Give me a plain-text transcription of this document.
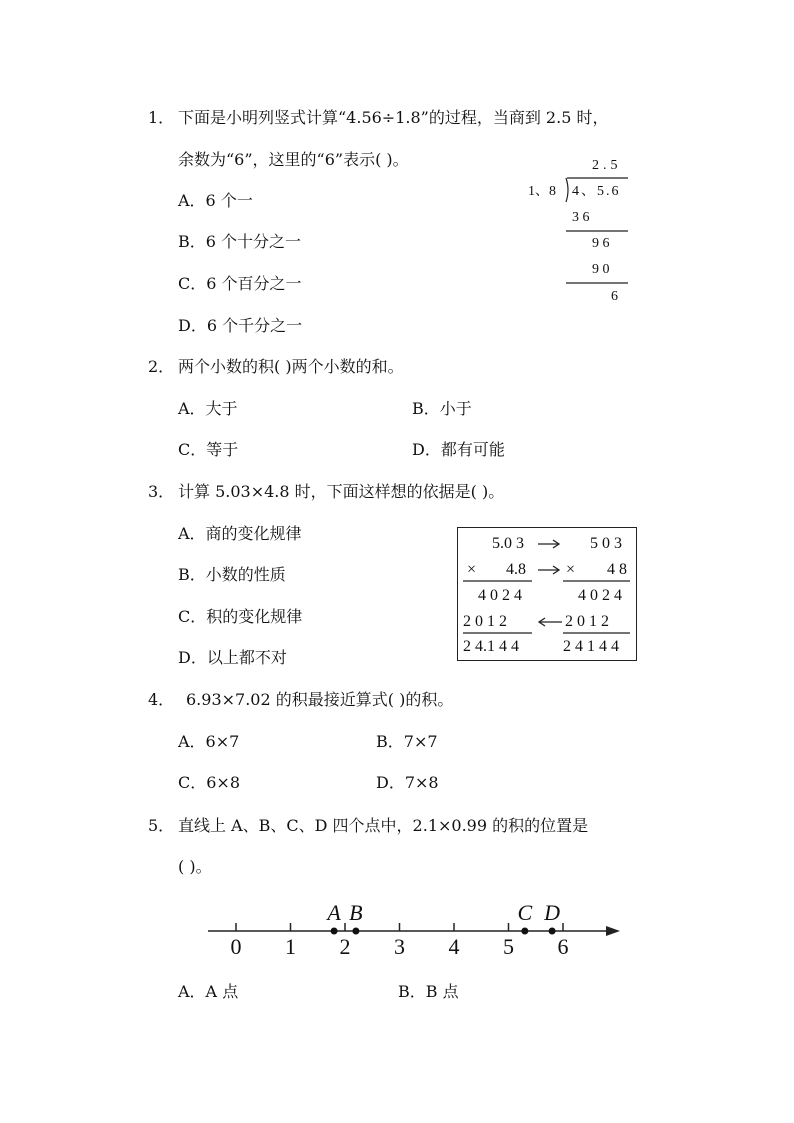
1． 下面是小明列竖式计算“4.56÷1.8”的过程，当商到 2.5 时，
余数为“6”，这里的“6”表示( )。
A．6 个一
B．6 个十分之一
C．6 个百分之一
D．6 个千分之一
2.5
1、8 4、5.6
3 6
9 6
9 0
6
2． 两个小数的积( )两个小数的和。
A．大于	B．小于
C．等于	D．都有可能
3． 计算 5.03×4.8 时，下面这样想的依据是( )。
A．商的变化规律
B．小数的性质
C．积的变化规律
D．以上都不对
5.0 3	5 0 3
× 4.8	× 4 8
4 0 2 4	4 0 2 4
2 0 1 2	2 0 1 2
2 4.1 4 4	2 4 1 4 4
4． 6.93×7.02 的积最接近算式( )的积。
A．6×7	B．7×7
C．6×8	D．7×8
5． 直线上 A、B、C、D 四个点中，2.1×0.99 的积的位置是
( )。
0 1 2 3 4 5 6
A B	C D
A．A 点	B．B 点
